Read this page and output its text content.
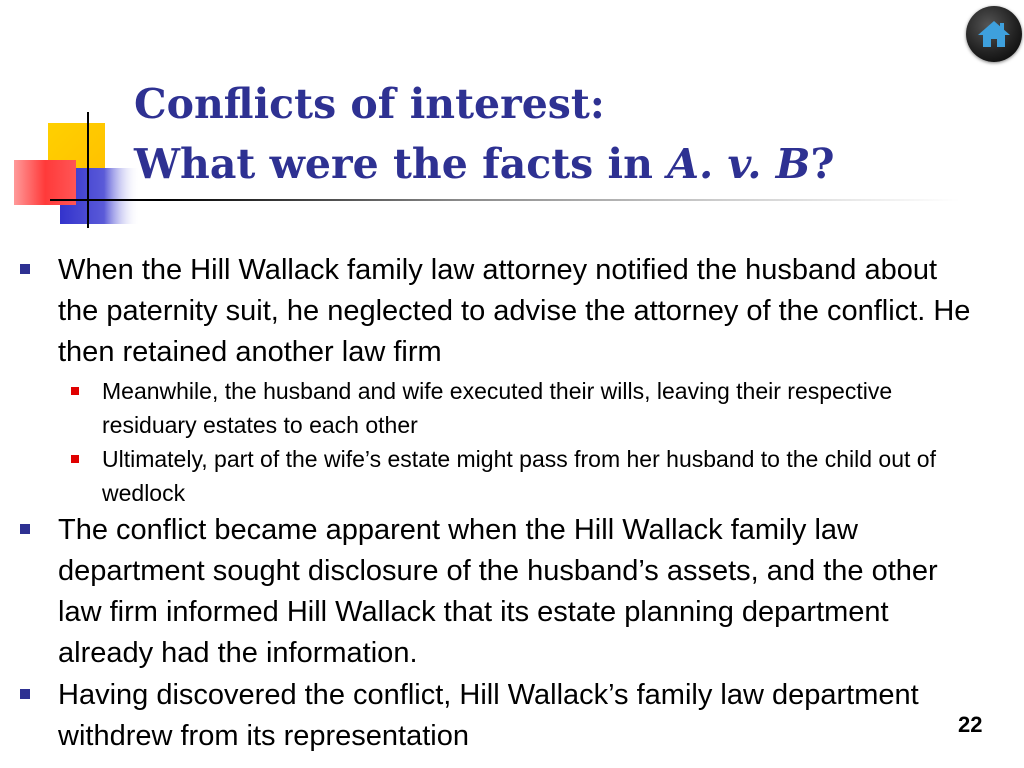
Conflicts of interest:
What were the facts in A. v. B?
When the Hill Wallack family law attorney notified the husband about the paternity suit, he neglected to advise the attorney of the conflict. He then retained another law firm
Meanwhile, the husband and wife executed their wills, leaving their respective residuary estates to each other
Ultimately, part of the wife’s estate might pass from her husband to the child out of wedlock
The conflict became apparent when the Hill Wallack family law department sought disclosure of the husband’s assets, and the other law firm informed Hill Wallack that its estate planning department already had the information.
Having discovered the conflict, Hill Wallack’s family law department withdrew from its representation	22
